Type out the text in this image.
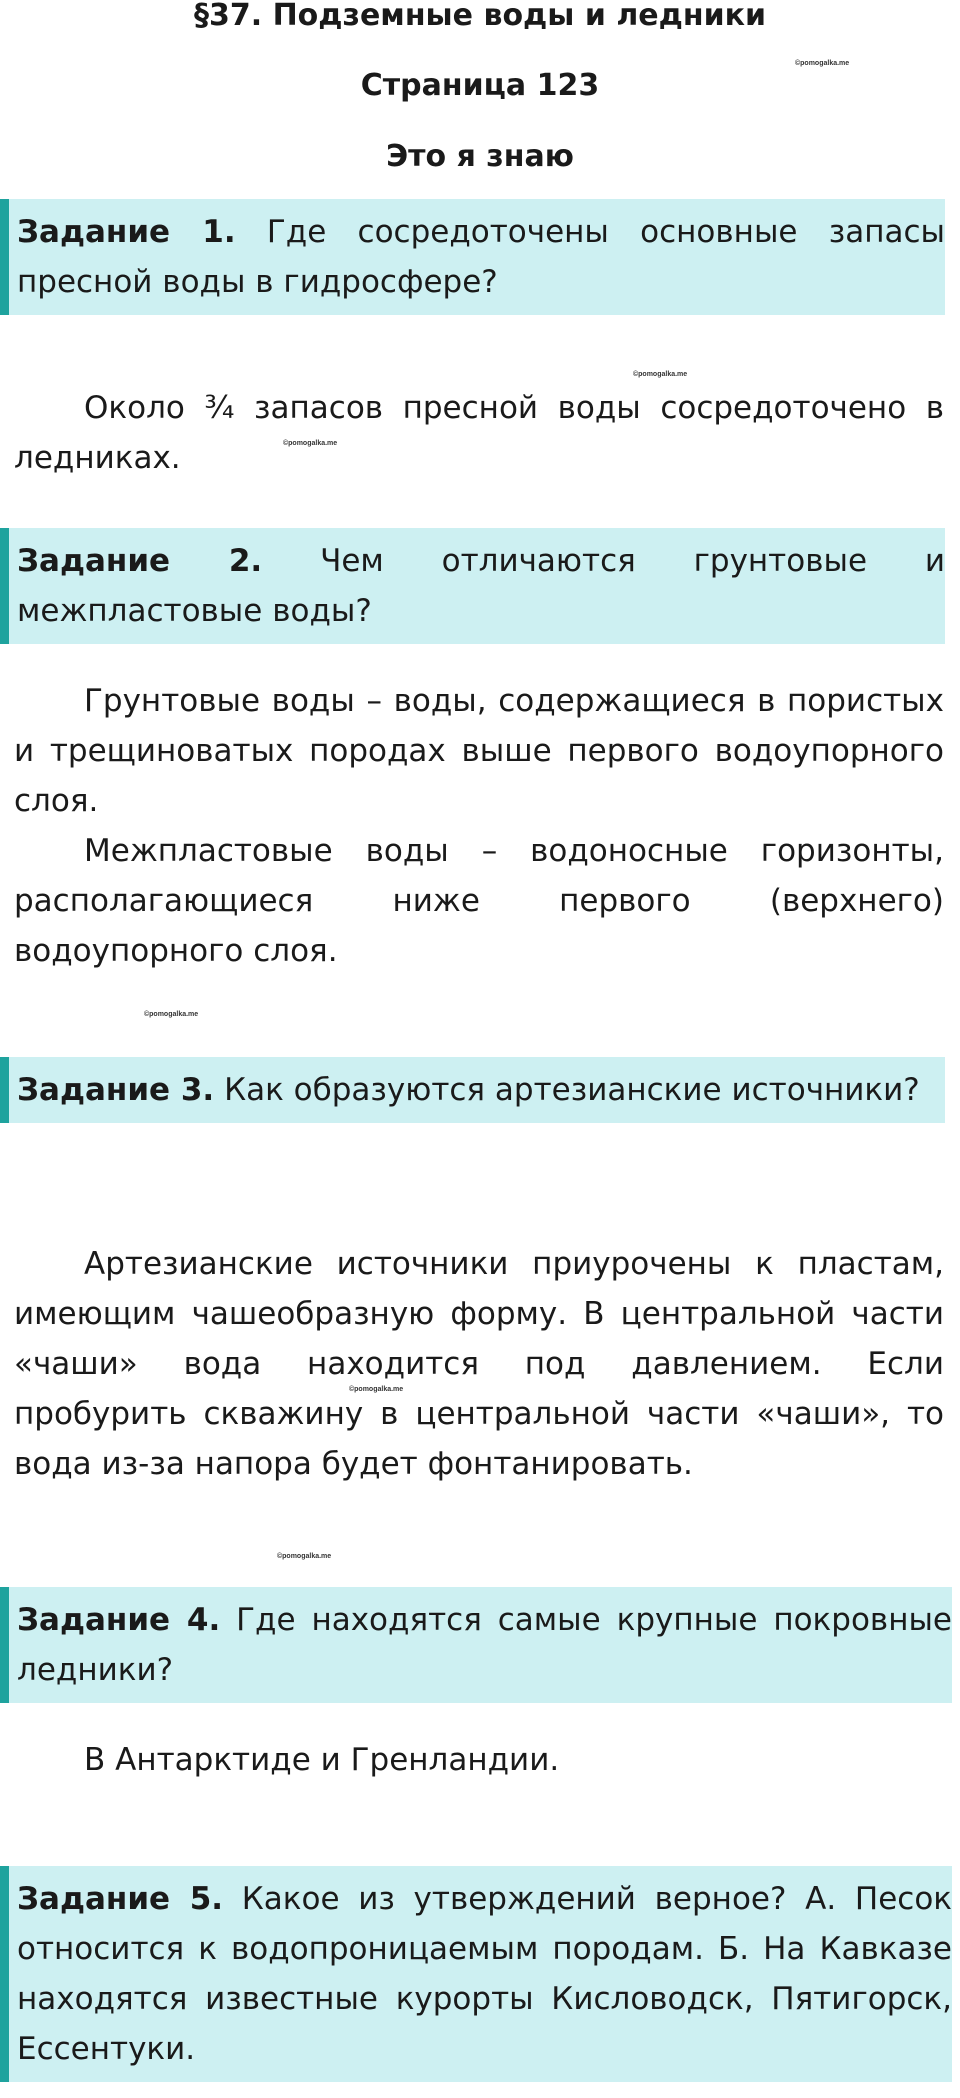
§37. Подземные воды и ледники
Страница 123
Это я знаю
©pomogalka.me
©pomogalka.me
©pomogalka.me
©pomogalka.me
©pomogalka.me
©pomogalka.me
Задание 1. Где сосредоточены основные запасы пресной воды в гидросфере?

Около ¾ запасов пресной воды сосредоточено в ледниках.

Задание 2. Чем отличаются грунтовые и межпластовые воды?

Грунтовые воды – воды, содержащиеся в пористых и трещиноватых породах выше первого водоупорного слоя.
Межпластовые воды – водоносные горизонты, располагающиеся ниже первого (верхнего) водоупорного слоя.

Задание 3. Как образуются артезианские источники?

Артезианские источники приурочены к пластам, имеющим чашеобразную форму. В центральной части «чаши» вода находится под давлением. Если пробурить скважину в центральной части «чаши», то вода из-за напора будет фонтанировать.

Задание 4. Где находятся самые крупные покровные ледники?

В Антарктиде и Гренландии.

Задание 5. Какое из утверждений верное? А. Песок относится к водопроницаемым породам. Б. На Кавказе находятся известные курорты Кисловодск, Пятигорск, Ессентуки.
